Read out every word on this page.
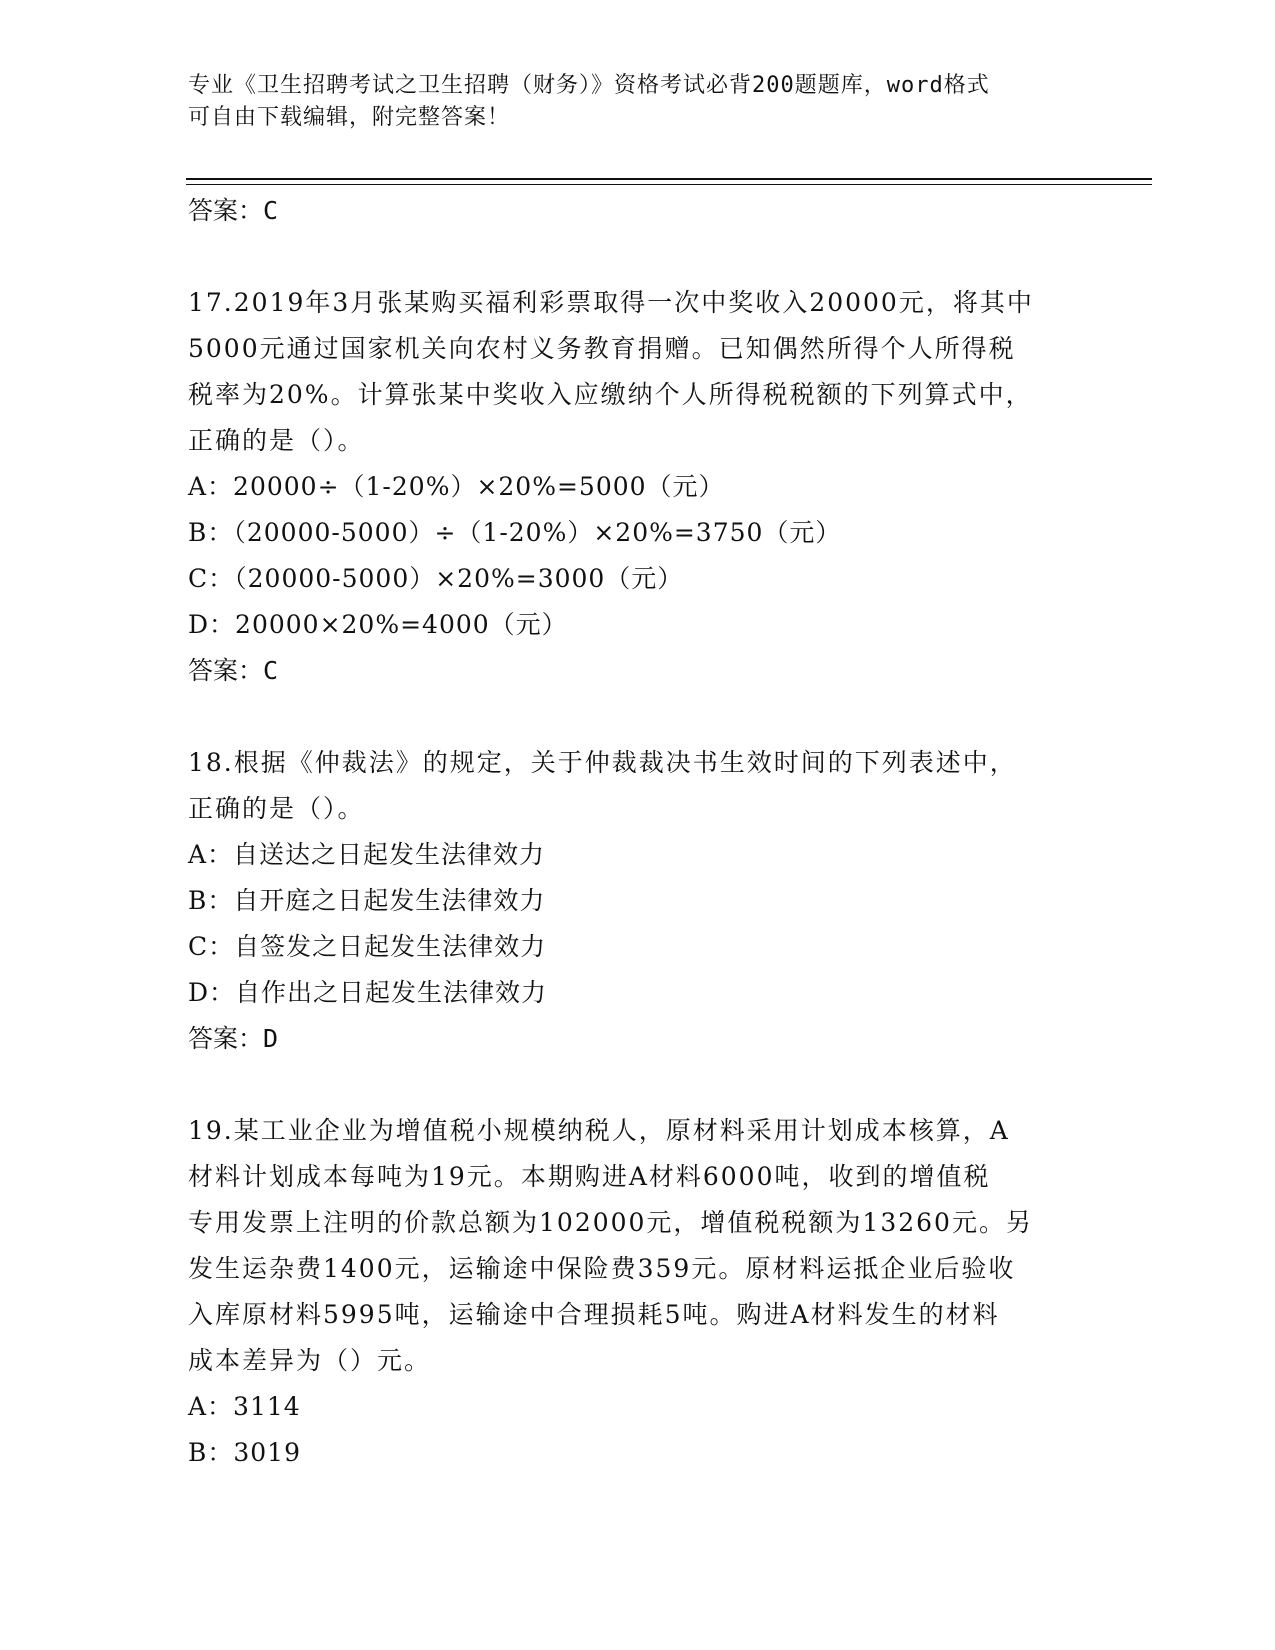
专业《卫生招聘考试之卫生招聘（财务）》资格考试必背200题题库，word格式
可自由下载编辑，附完整答案！
答案：C
17.2019年3月张某购买福利彩票取得一次中奖收入20000元，将其中
5000元通过国家机关向农村义务教育捐赠。已知偶然所得个人所得税
税率为20%。计算张某中奖收入应缴纳个人所得税税额的下列算式中，
正确的是（）。
A：20000÷（1-20%）×20%=5000（元）
B：（20000-5000）÷（1-20%）×20%=3750（元）
C：（20000-5000）×20%=3000（元）
D：20000×20%=4000（元）
答案：C
18.根据《仲裁法》的规定，关于仲裁裁决书生效时间的下列表述中，
正确的是（）。
A：自送达之日起发生法律效力
B：自开庭之日起发生法律效力
C：自签发之日起发生法律效力
D：自作出之日起发生法律效力
答案：D
19.某工业企业为增值税小规模纳税人，原材料采用计划成本核算，A
材料计划成本每吨为19元。本期购进A材料6000吨，收到的增值税
专用发票上注明的价款总额为102000元，增值税税额为13260元。另
发生运杂费1400元，运输途中保险费359元。原材料运抵企业后验收
入库原材料5995吨，运输途中合理损耗5吨。购进A材料发生的材料
成本差异为（）元。
A：3114
B：3019
